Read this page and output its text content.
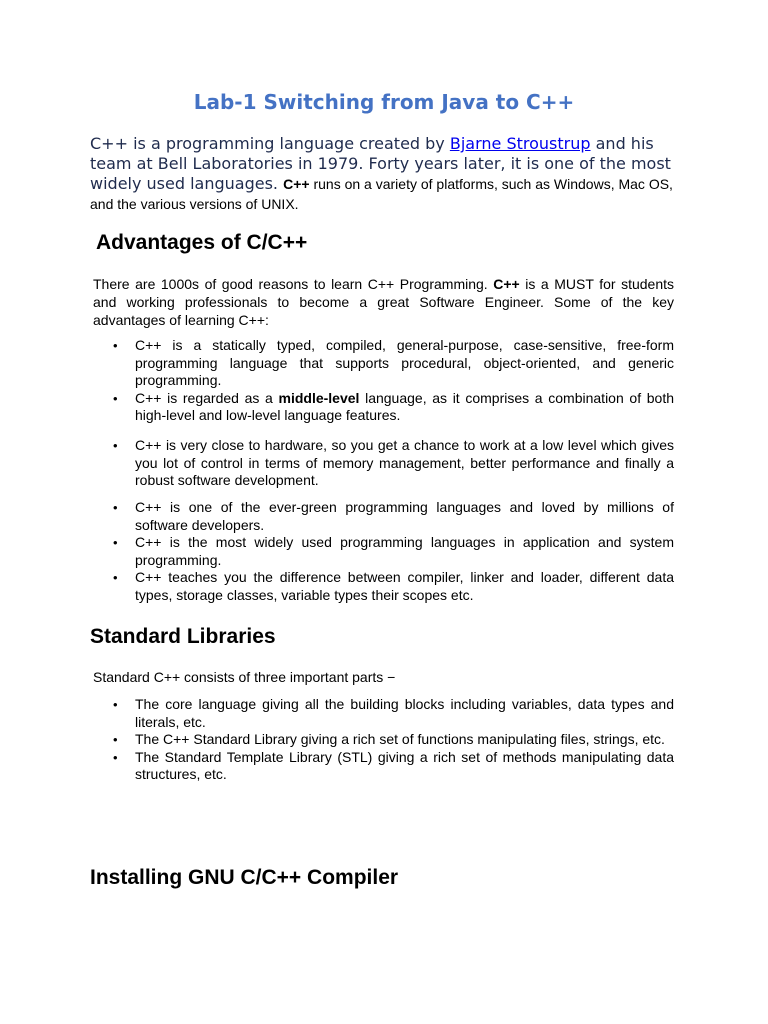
Lab-1 Switching from Java to C++
C++ is a programming language created by Bjarne Stroustrup and his team at Bell Laboratories in 1979. Forty years later, it is one of the most widely used languages. C++ runs on a variety of platforms, such as Windows, Mac OS, and the various versions of UNIX.
Advantages of C/C++
There are 1000s of good reasons to learn C++ Programming. C++ is a MUST for students and working professionals to become a great Software Engineer. Some of the key advantages of learning C++:
• C++ is a statically typed, compiled, general-purpose, case-sensitive, free-form programming language that supports procedural, object-oriented, and generic programming.
• C++ is regarded as a middle-level language, as it comprises a combination of both high-level and low-level language features.
• C++ is very close to hardware, so you get a chance to work at a low level which gives you lot of control in terms of memory management, better performance and finally a robust software development.
• C++ is one of the ever-green programming languages and loved by millions of software developers.
• C++ is the most widely used programming languages in application and system programming.
• C++ teaches you the difference between compiler, linker and loader, different data types, storage classes, variable types their scopes etc.
Standard Libraries
Standard C++ consists of three important parts −
• The core language giving all the building blocks including variables, data types and literals, etc.
• The C++ Standard Library giving a rich set of functions manipulating files, strings, etc.
• The Standard Template Library (STL) giving a rich set of methods manipulating data structures, etc.
Installing GNU C/C++ Compiler
